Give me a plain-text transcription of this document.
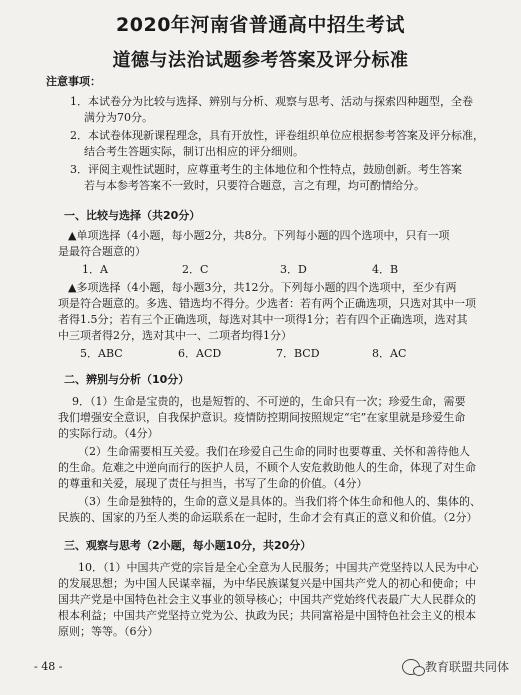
2020年河南省普通高中招生考试
道德与法治试题参考答案及评分标准
注意事项：
1．本试卷分为比较与选择、辨别与分析、观察与思考、活动与探索四种题型，全卷
满分为70分。
2．本试卷体现新课程理念，具有开放性，评卷组织单位应根据参考答案及评分标准，
结合考生答题实际，制订出相应的评分细则。
3．评阅主观性试题时，应尊重考生的主体地位和个性特点，鼓励创新。考生答案
若与本参考答案不一致时，只要符合题意，言之有理，均可酌情给分。
一、比较与选择（共20分）
▲单项选择（4小题，每小题2分，共8分。下列每小题的四个选项中，只有一项
是最符合题意的）
1．A	2．C	3．D	4．B
▲多项选择（4小题，每小题3分，共12分。下列每小题的四个选项中，至少有两
项是符合题意的。多选、错选均不得分。少选者：若有两个正确选项，只选对其中一项
者得1.5分；若有三个正确选项，每选对其中一项得1分；若有四个正确选项，选对其
中三项者得2分，选对其中一、二项者均得1分）
5．ABC	6．ACD	7．BCD	8．AC
二、辨别与分析（10分）
9．（1）生命是宝贵的，也是短暂的、不可逆的，生命只有一次；珍爱生命，需要
我们增强安全意识，自我保护意识。疫情防控期间按照规定“宅”在家里就是珍爱生命
的实际行动。（4分）
（2）生命需要相互关爱。我们在珍爱自己生命的同时也要尊重、关怀和善待他人
的生命。危难之中逆向而行的医护人员，不顾个人安危救助他人的生命，体现了对生命
的尊重和关爱，展现了责任与担当，书写了生命的价值。（4分）
（3）生命是独特的，生命的意义是具体的。当我们将个体生命和他人的、集体的、
民族的、国家的乃至人类的命运联系在一起时，生命才会有真正的意义和价值。（2分）
三、观察与思考（2小题，每小题10分，共20分）
10．（1）中国共产党的宗旨是全心全意为人民服务；中国共产党坚持以人民为中心
的发展思想；为中国人民谋幸福，为中华民族谋复兴是中国共产党人的初心和使命；中
国共产党是中国特色社会主义事业的领导核心；中国共产党始终代表最广大人民群众的
根本利益；中国共产党坚持立党为公、执政为民；共同富裕是中国特色社会主义的根本
原则；等等。（6分）
- 48 -	教育联盟共同体
